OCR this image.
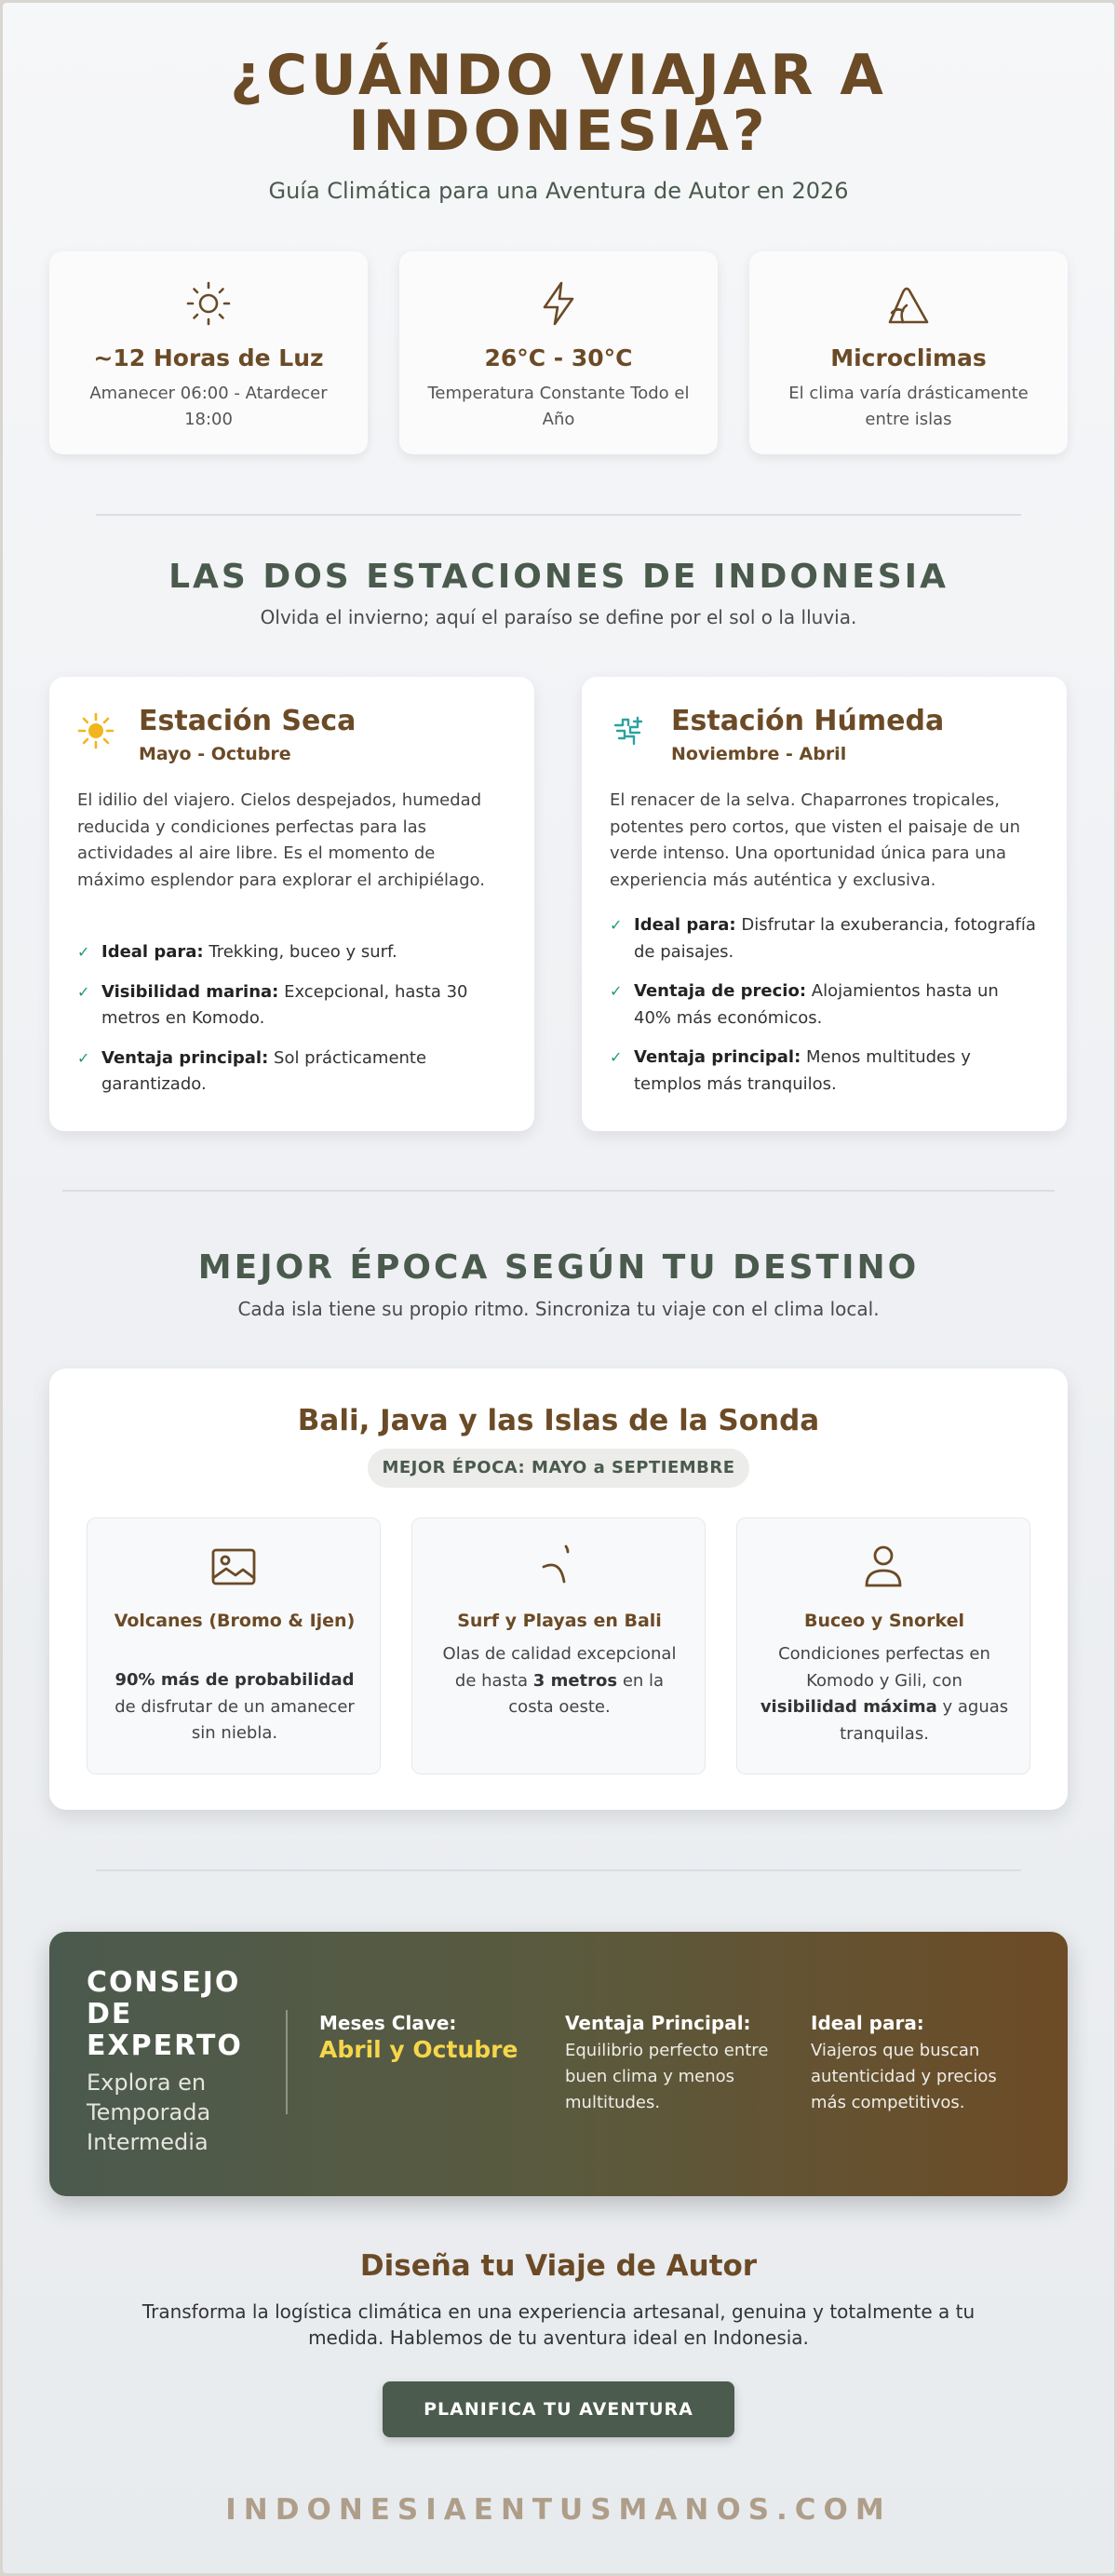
¿CUÁNDO VIAJAR A
INDONESIA?
Guía Climática para una Aventura de Autor en 2026
~12 Horas de Luz
Amanecer 06:00 - Atardecer 18:00
26°C - 30°C
Temperatura Constante Todo el Año
Microclimas
El clima varía drásticamente entre islas
LAS DOS ESTACIONES DE INDONESIA
Olvida el invierno; aquí el paraíso se define por el sol o la lluvia.
Estación Seca
Mayo - Octubre
El idilio del viajero. Cielos despejados, humedad reducida y condiciones perfectas para las actividades al aire libre. Es el momento de máximo esplendor para explorar el archipiélago.
✓ Ideal para: Trekking, buceo y surf.
✓ Visibilidad marina: Excepcional, hasta 30 metros en Komodo.
✓ Ventaja principal: Sol prácticamente garantizado.
Estación Húmeda
Noviembre - Abril
El renacer de la selva. Chaparrones tropicales, potentes pero cortos, que visten el paisaje de un verde intenso. Una oportunidad única para una experiencia más auténtica y exclusiva.
✓ Ideal para: Disfrutar la exuberancia, fotografía de paisajes.
✓ Ventaja de precio: Alojamientos hasta un 40% más económicos.
✓ Ventaja principal: Menos multitudes y templos más tranquilos.
MEJOR ÉPOCA SEGÚN TU DESTINO
Cada isla tiene su propio ritmo. Sincroniza tu viaje con el clima local.
Bali, Java y las Islas de la Sonda
MEJOR ÉPOCA: MAYO a SEPTIEMBRE
Volcanes (Bromo & Ijen)
90% más de probabilidad de disfrutar de un amanecer sin niebla.
Surf y Playas en Bali
Olas de calidad excepcional de hasta 3 metros en la costa oeste.
Buceo y Snorkel
Condiciones perfectas en Komodo y Gili, con visibilidad máxima y aguas tranquilas.
CONSEJO
DE
EXPERTO
Explora en Temporada Intermedia
Meses Clave:
Abril y Octubre
Ventaja Principal:
Equilibrio perfecto entre buen clima y menos multitudes.
Ideal para:
Viajeros que buscan autenticidad y precios más competitivos.
Diseña tu Viaje de Autor
Transforma la logística climática en una experiencia artesanal, genuina y totalmente a tu medida. Hablemos de tu aventura ideal en Indonesia.
PLANIFICA TU AVENTURA
INDONESIAENTUSMANOS.COM
